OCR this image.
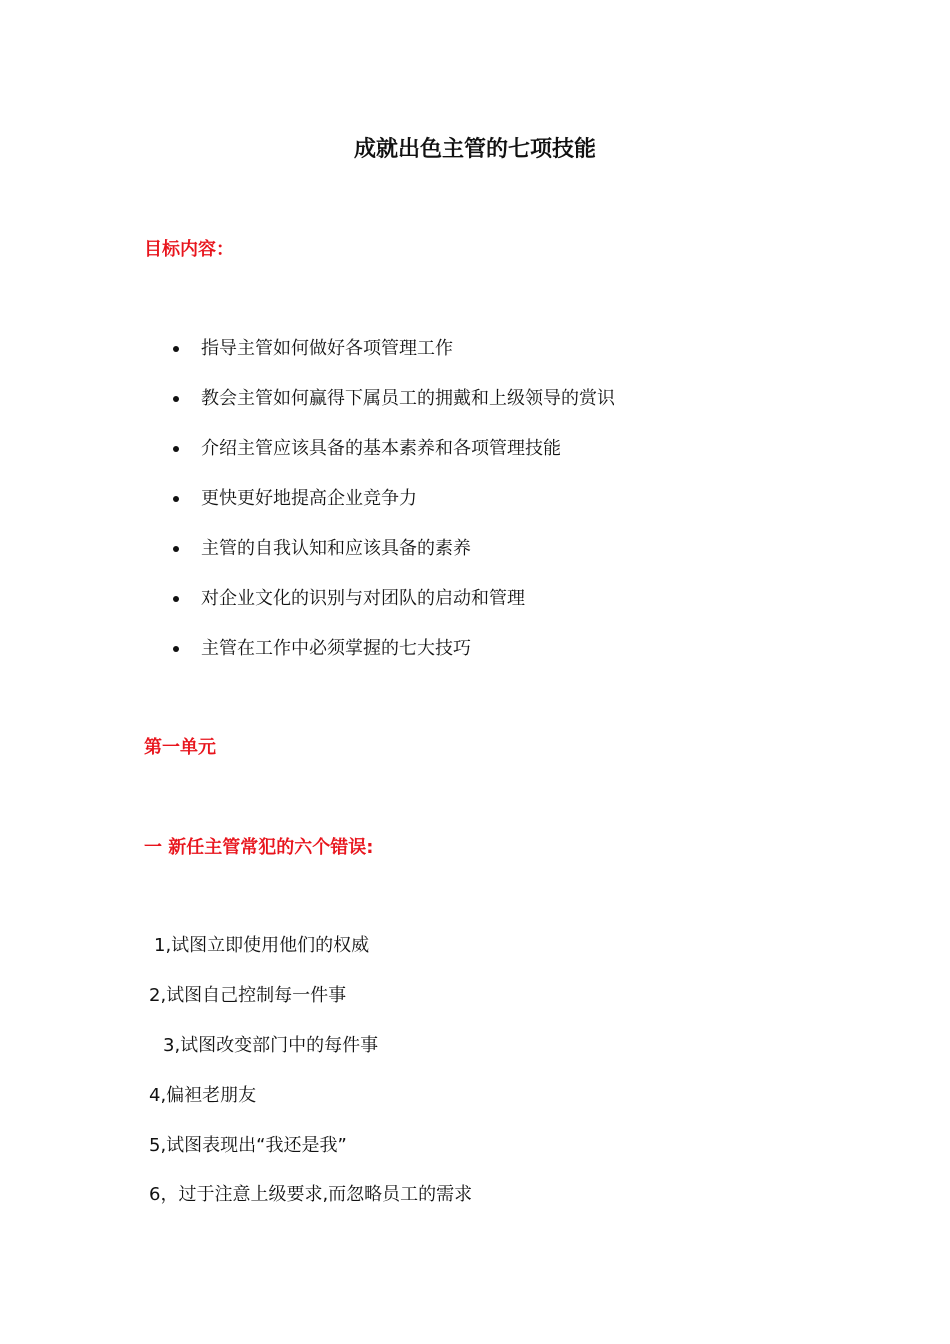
成就出色主管的七项技能
目标内容：
指导主管如何做好各项管理工作
教会主管如何赢得下属员工的拥戴和上级领导的赏识
介绍主管应该具备的基本素养和各项管理技能
更快更好地提高企业竞争力
主管的自我认知和应该具备的素养
对企业文化的识别与对团队的启动和管理
主管在工作中必须掌握的七大技巧
第一单元
一 新任主管常犯的六个错误:
1,试图立即使用他们的权威
2,试图自己控制每一件事
3,试图改变部门中的每件事
4,偏袒老朋友
5,试图表现出“我还是我”
6，过于注意上级要求,而忽略员工的需求
